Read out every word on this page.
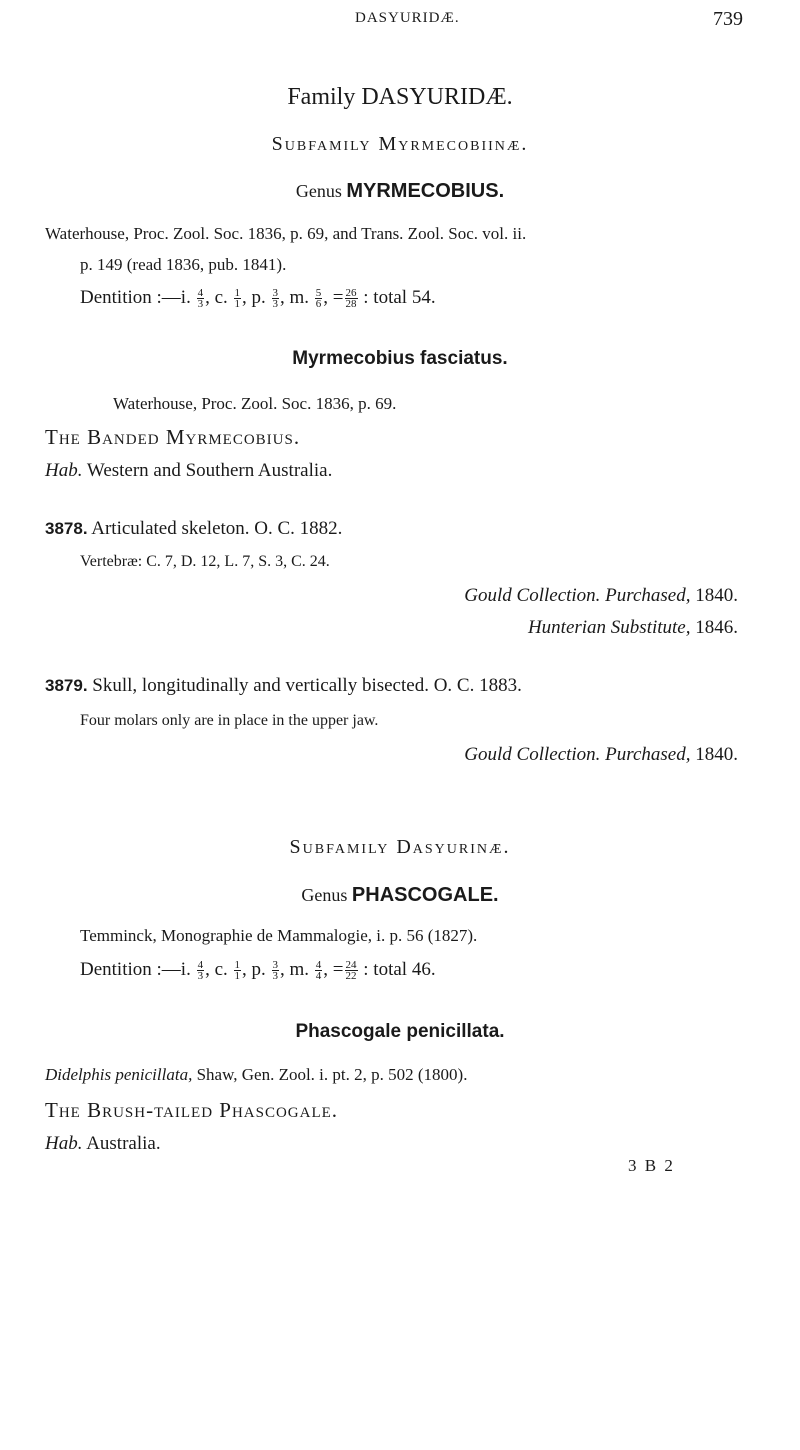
DASYURIDÆ.	739
Family DASYURIDÆ.
Subfamily Myrmecobiinæ.
Genus MYRMECOBIUS.
Waterhouse, Proc. Zool. Soc. 1836, p. 69, and Trans. Zool. Soc. vol. ii.
p. 149 (read 1836, pub. 1841).
Dentition :—i. $\frac{4}{3}$ , c. $\frac{1}{1}$ , p. $\frac{3}{3}$ , m. $\frac{5}{6}$ , = $\frac{26}{28}$ : total 54.
Myrmecobius fasciatus.
Waterhouse, Proc. Zool. Soc. 1836, p. 69.
The Banded Myrmecobius.
Hab. Western and Southern Australia.
3878. Articulated skeleton. O. C. 1882.
Vertebræ: C. 7, D. 12, L. 7, S. 3, C. 24.
Gould Collection. Purchased, 1840.
Hunterian Substitute, 1846.
3879. Skull, longitudinally and vertically bisected. O. C. 1883.
Four molars only are in place in the upper jaw.
Gould Collection. Purchased, 1840.
Subfamily Dasyurinæ.
Genus PHASCOGALE.
Temminck, Monographie de Mammalogie, i. p. 56 (1827).
Dentition :—i. $\frac{4}{3}$ , c. $\frac{1}{1}$ , p. $\frac{3}{3}$ , m. $\frac{4}{4}$ , = $\frac{24}{22}$ : total 46.
Phascogale penicillata.
Didelphis penicillata, Shaw, Gen. Zool. i. pt. 2, p. 502 (1800).
The Brush-tailed Phascogale.
Hab. Australia.
3 B 2
